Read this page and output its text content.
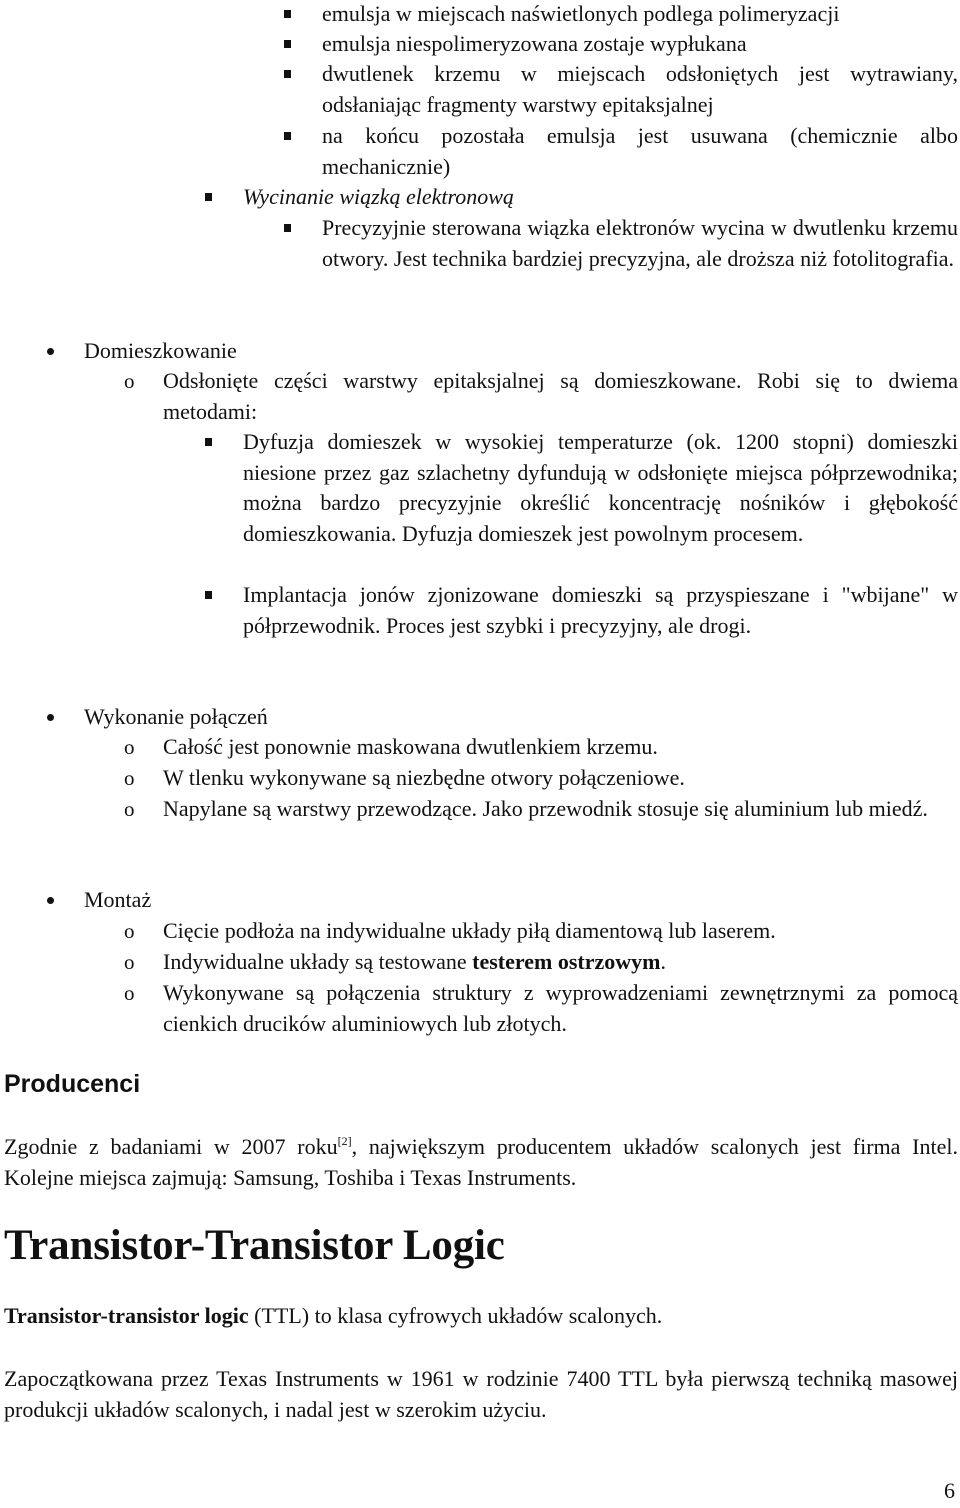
emulsja w miejscach naświetlonych podlega polimeryzacji
emulsja niespolimeryzowana zostaje wypłukana
dwutlenek krzemu w miejscach odsłoniętych jest wytrawiany, odsłaniając fragmenty warstwy epitaksjalnej
na końcu pozostała emulsja jest usuwana (chemicznie albo mechanicznie)
Wycinanie wiązką elektronową
Precyzyjnie sterowana wiązka elektronów wycina w dwutlenku krzemu otwory. Jest technika bardziej precyzyjna, ale droższa niż fotolitografia.
Domieszkowanie
o Odsłonięte części warstwy epitaksjalnej są domieszkowane. Robi się to dwiema metodami:
Dyfuzja domieszek w wysokiej temperaturze (ok. 1200 stopni) domieszki niesione przez gaz szlachetny dyfundują w odsłonięte miejsca półprzewodnika; można bardzo precyzyjnie określić koncentrację nośników i głębokość domieszkowania. Dyfuzja domieszek jest powolnym procesem.
Implantacja jonów zjonizowane domieszki są przyspieszane i "wbijane" w półprzewodnik. Proces jest szybki i precyzyjny, ale drogi.
Wykonanie połączeń
o Całość jest ponownie maskowana dwutlenkiem krzemu.
o W tlenku wykonywane są niezbędne otwory połączeniowe.
o Napylane są warstwy przewodzące. Jako przewodnik stosuje się aluminium lub miedź.
Montaż
o Cięcie podłoża na indywidualne układy piłą diamentową lub laserem.
o Indywidualne układy są testowane testerem ostrzowym.
o Wykonywane są połączenia struktury z wyprowadzeniami zewnętrznymi za pomocą cienkich drucików aluminiowych lub złotych.
Producenci
Zgodnie z badaniami w 2007 roku[2], największym producentem układów scalonych jest firma Intel. Kolejne miejsca zajmują: Samsung, Toshiba i Texas Instruments.
Transistor-Transistor Logic
Transistor-transistor logic (TTL) to klasa cyfrowych układów scalonych.
Zapoczątkowana przez Texas Instruments w 1961 w rodzinie 7400 TTL była pierwszą techniką masowej produkcji układów scalonych, i nadal jest w szerokim użyciu.
6
